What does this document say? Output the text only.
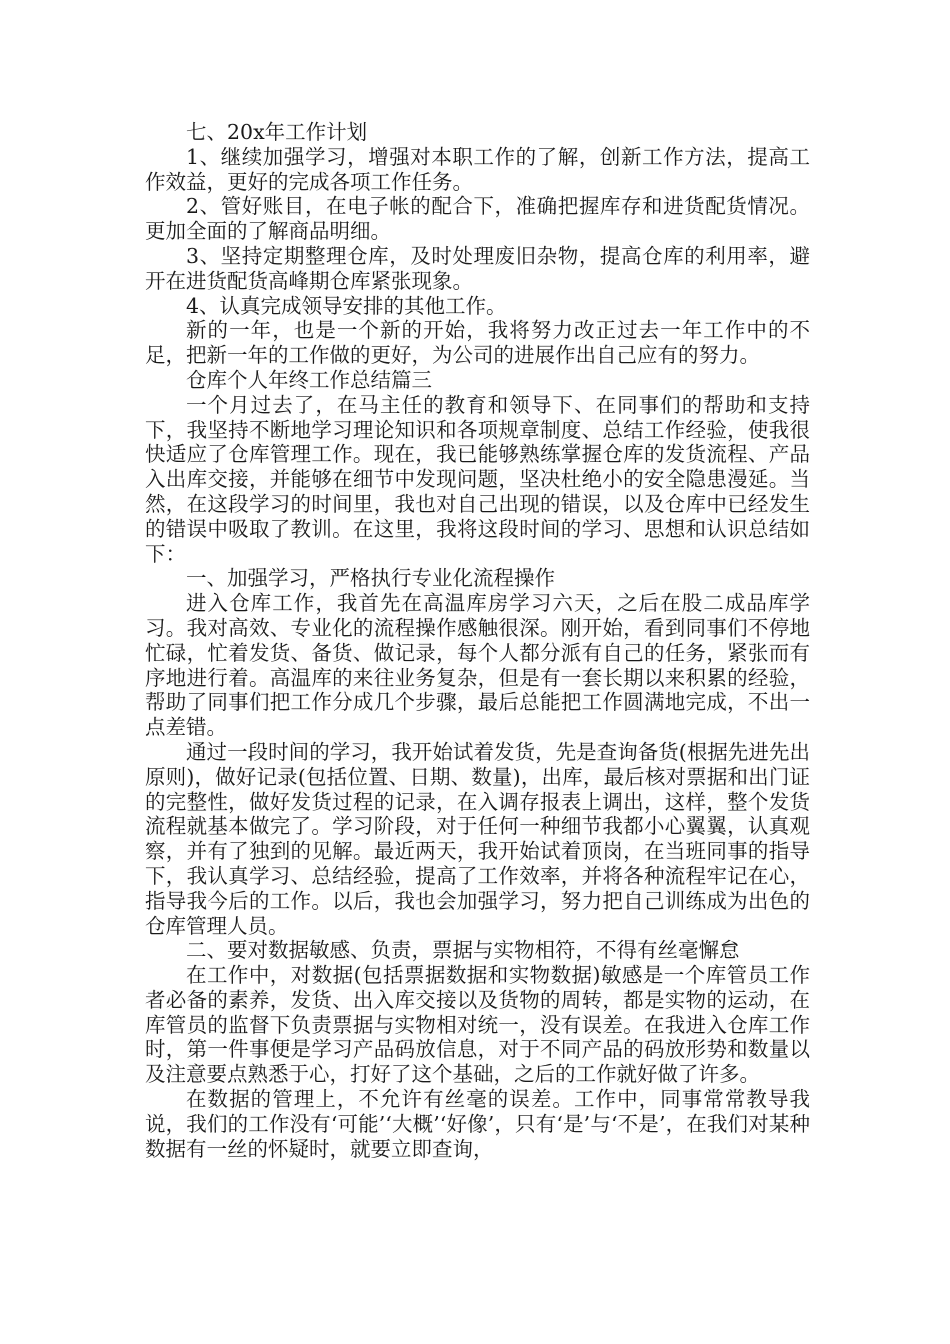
七、20x年工作计划

1、继续加强学习，增强对本职工作的了解，创新工作方法，提高工作效益，更好的完成各项工作任务。

2、管好账目，在电子帐的配合下，准确把握库存和进货配货情况。更加全面的了解商品明细。

3、坚持定期整理仓库，及时处理废旧杂物，提高仓库的利用率，避开在进货配货高峰期仓库紧张现象。

4、认真完成领导安排的其他工作。

新的一年，也是一个新的开始，我将努力改正过去一年工作中的不足，把新一年的工作做的更好，为公司的进展作出自己应有的努力。

仓库个人年终工作总结篇三

一个月过去了，在马主任的教育和领导下、在同事们的帮助和支持下，我坚持不断地学习理论知识和各项规章制度、总结工作经验，使我很快适应了仓库管理工作。现在，我已能够熟练掌握仓库的发货流程、产品入出库交接，并能够在细节中发现问题，坚决杜绝小的安全隐患漫延。当然，在这段学习的时间里，我也对自己出现的错误，以及仓库中已经发生的错误中吸取了教训。在这里，我将这段时间的学习、思想和认识总结如下：

一、加强学习，严格执行专业化流程操作

进入仓库工作，我首先在高温库房学习六天，之后在股二成品库学习。我对高效、专业化的流程操作感触很深。刚开始，看到同事们不停地忙碌，忙着发货、备货、做记录，每个人都分派有自己的任务，紧张而有序地进行着。高温库的来往业务复杂，但是有一套长期以来积累的经验，帮助了同事们把工作分成几个步骤，最后总能把工作圆满地完成，不出一点差错。

通过一段时间的学习，我开始试着发货，先是查询备货(根据先进先出原则)，做好记录(包括位置、日期、数量)，出库，最后核对票据和出门证的完整性，做好发货过程的记录，在入调存报表上调出，这样，整个发货流程就基本做完了。学习阶段，对于任何一种细节我都小心翼翼，认真观察，并有了独到的见解。最近两天，我开始试着顶岗，在当班同事的指导下，我认真学习、总结经验，提高了工作效率，并将各种流程牢记在心，指导我今后的工作。以后，我也会加强学习，努力把自己训练成为出色的仓库管理人员。

二、要对数据敏感、负责，票据与实物相符，不得有丝毫懈怠

在工作中，对数据(包括票据数据和实物数据)敏感是一个库管员工作者必备的素养，发货、出入库交接以及货物的周转，都是实物的运动，在库管员的监督下负责票据与实物相对统一，没有误差。在我进入仓库工作时，第一件事便是学习产品码放信息，对于不同产品的码放形势和数量以及注意要点熟悉于心，打好了这个基础，之后的工作就好做了许多。

在数据的管理上，不允许有丝毫的误差。工作中，同事常常教导我说，我们的工作没有‘可能’‘大概’‘好像’，只有‘是’与‘不是’，在我们对某种数据有一丝的怀疑时，就要立即查询，
